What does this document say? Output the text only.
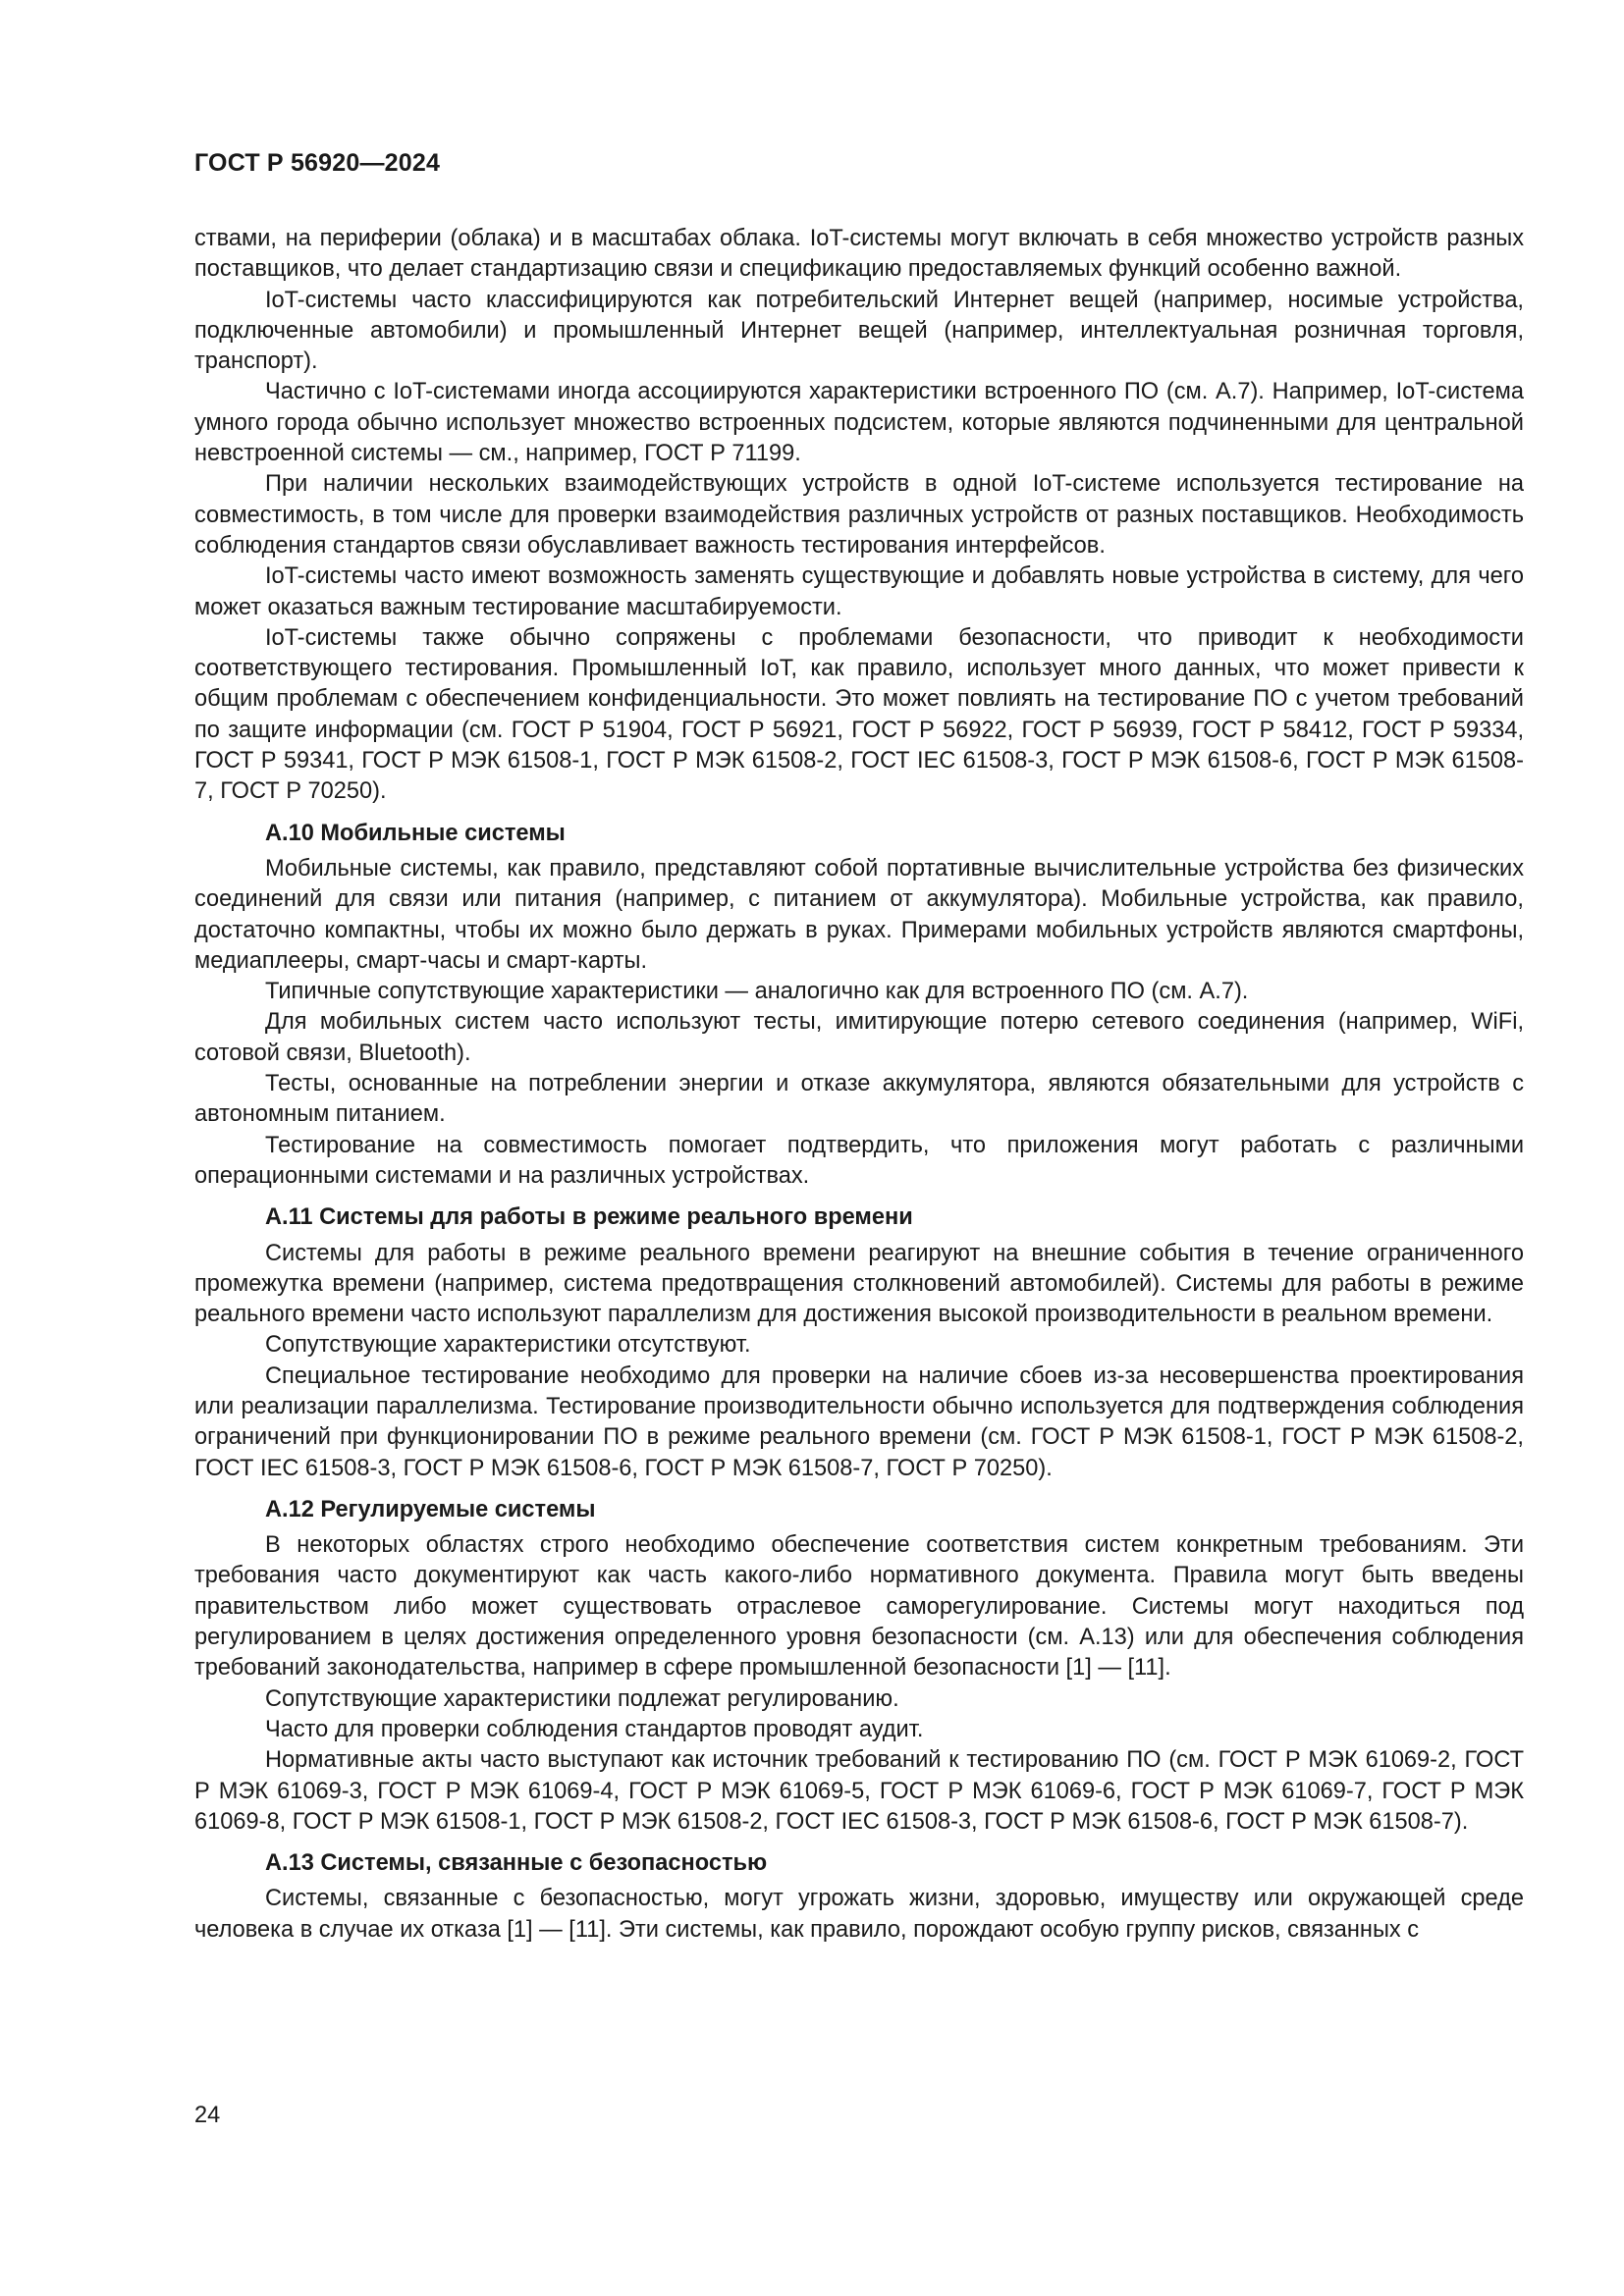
ГОСТ Р 56920—2024

ствами, на периферии (облака) и в масштабах облака. IoT-системы могут включать в себя множество устройств разных поставщиков, что делает стандартизацию связи и спецификацию предоставляемых функций особенно важной.

IoT-системы часто классифицируются как потребительский Интернет вещей (например, носимые устройства, подключенные автомобили) и промышленный Интернет вещей (например, интеллектуальная розничная торговля, транспорт).

Частично с IoT-системами иногда ассоциируются характеристики встроенного ПО (см. А.7). Например, IoT-система умного города обычно использует множество встроенных подсистем, которые являются подчиненными для центральной невстроенной системы — см., например, ГОСТ Р 71199.

При наличии нескольких взаимодействующих устройств в одной IoT-системе используется тестирование на совместимость, в том числе для проверки взаимодействия различных устройств от разных поставщиков. Необходимость соблюдения стандартов связи обуславливает важность тестирования интерфейсов.

IoT-системы часто имеют возможность заменять существующие и добавлять новые устройства в систему, для чего может оказаться важным тестирование масштабируемости.

IoT-системы также обычно сопряжены с проблемами безопасности, что приводит к необходимости соответствующего тестирования. Промышленный IoT, как правило, использует много данных, что может привести к общим проблемам с обеспечением конфиденциальности. Это может повлиять на тестирование ПО с учетом требований по защите информации (см. ГОСТ Р 51904, ГОСТ Р 56921, ГОСТ Р 56922, ГОСТ Р 56939, ГОСТ Р 58412, ГОСТ Р 59334, ГОСТ Р 59341, ГОСТ Р МЭК 61508-1, ГОСТ Р МЭК 61508-2, ГОСТ IEC 61508-3, ГОСТ Р МЭК 61508-6, ГОСТ Р МЭК 61508-7, ГОСТ Р 70250).

А.10 Мобильные системы

Мобильные системы, как правило, представляют собой портативные вычислительные устройства без физических соединений для связи или питания (например, с питанием от аккумулятора). Мобильные устройства, как правило, достаточно компактны, чтобы их можно было держать в руках. Примерами мобильных устройств являются смартфоны, медиаплееры, смарт-часы и смарт-карты.

Типичные сопутствующие характеристики — аналогично как для встроенного ПО (см. А.7).

Для мобильных систем часто используют тесты, имитирующие потерю сетевого соединения (например, WiFi, сотовой связи, Bluetooth).

Тесты, основанные на потреблении энергии и отказе аккумулятора, являются обязательными для устройств с автономным питанием.

Тестирование на совместимость помогает подтвердить, что приложения могут работать с различными операционными системами и на различных устройствах.

А.11 Системы для работы в режиме реального времени

Системы для работы в режиме реального времени реагируют на внешние события в течение ограниченного промежутка времени (например, система предотвращения столкновений автомобилей). Системы для работы в режиме реального времени часто используют параллелизм для достижения высокой производительности в реальном времени.

Сопутствующие характеристики отсутствуют.

Специальное тестирование необходимо для проверки на наличие сбоев из-за несовершенства проектирования или реализации параллелизма. Тестирование производительности обычно используется для подтверждения соблюдения ограничений при функционировании ПО в режиме реального времени (см. ГОСТ Р МЭК 61508-1, ГОСТ Р МЭК 61508-2, ГОСТ IEC 61508-3, ГОСТ Р МЭК 61508-6, ГОСТ Р МЭК 61508-7, ГОСТ Р 70250).

А.12 Регулируемые системы

В некоторых областях строго необходимо обеспечение соответствия систем конкретным требованиям. Эти требования часто документируют как часть какого-либо нормативного документа. Правила могут быть введены правительством либо может существовать отраслевое саморегулирование. Системы могут находиться под регулированием в целях достижения определенного уровня безопасности (см. А.13) или для обеспечения соблюдения требований законодательства, например в сфере промышленной безопасности [1] — [11].

Сопутствующие характеристики подлежат регулированию.

Часто для проверки соблюдения стандартов проводят аудит.

Нормативные акты часто выступают как источник требований к тестированию ПО (см. ГОСТ Р МЭК 61069-2, ГОСТ Р МЭК 61069-3, ГОСТ Р МЭК 61069-4, ГОСТ Р МЭК 61069-5, ГОСТ Р МЭК 61069-6, ГОСТ Р МЭК 61069-7, ГОСТ Р МЭК 61069-8, ГОСТ Р МЭК 61508-1, ГОСТ Р МЭК 61508-2, ГОСТ IEC 61508-3, ГОСТ Р МЭК 61508-6, ГОСТ Р МЭК 61508-7).

А.13 Системы, связанные с безопасностью

Системы, связанные с безопасностью, могут угрожать жизни, здоровью, имуществу или окружающей среде человека в случае их отказа [1] — [11]. Эти системы, как правило, порождают особую группу рисков, связанных с

24
